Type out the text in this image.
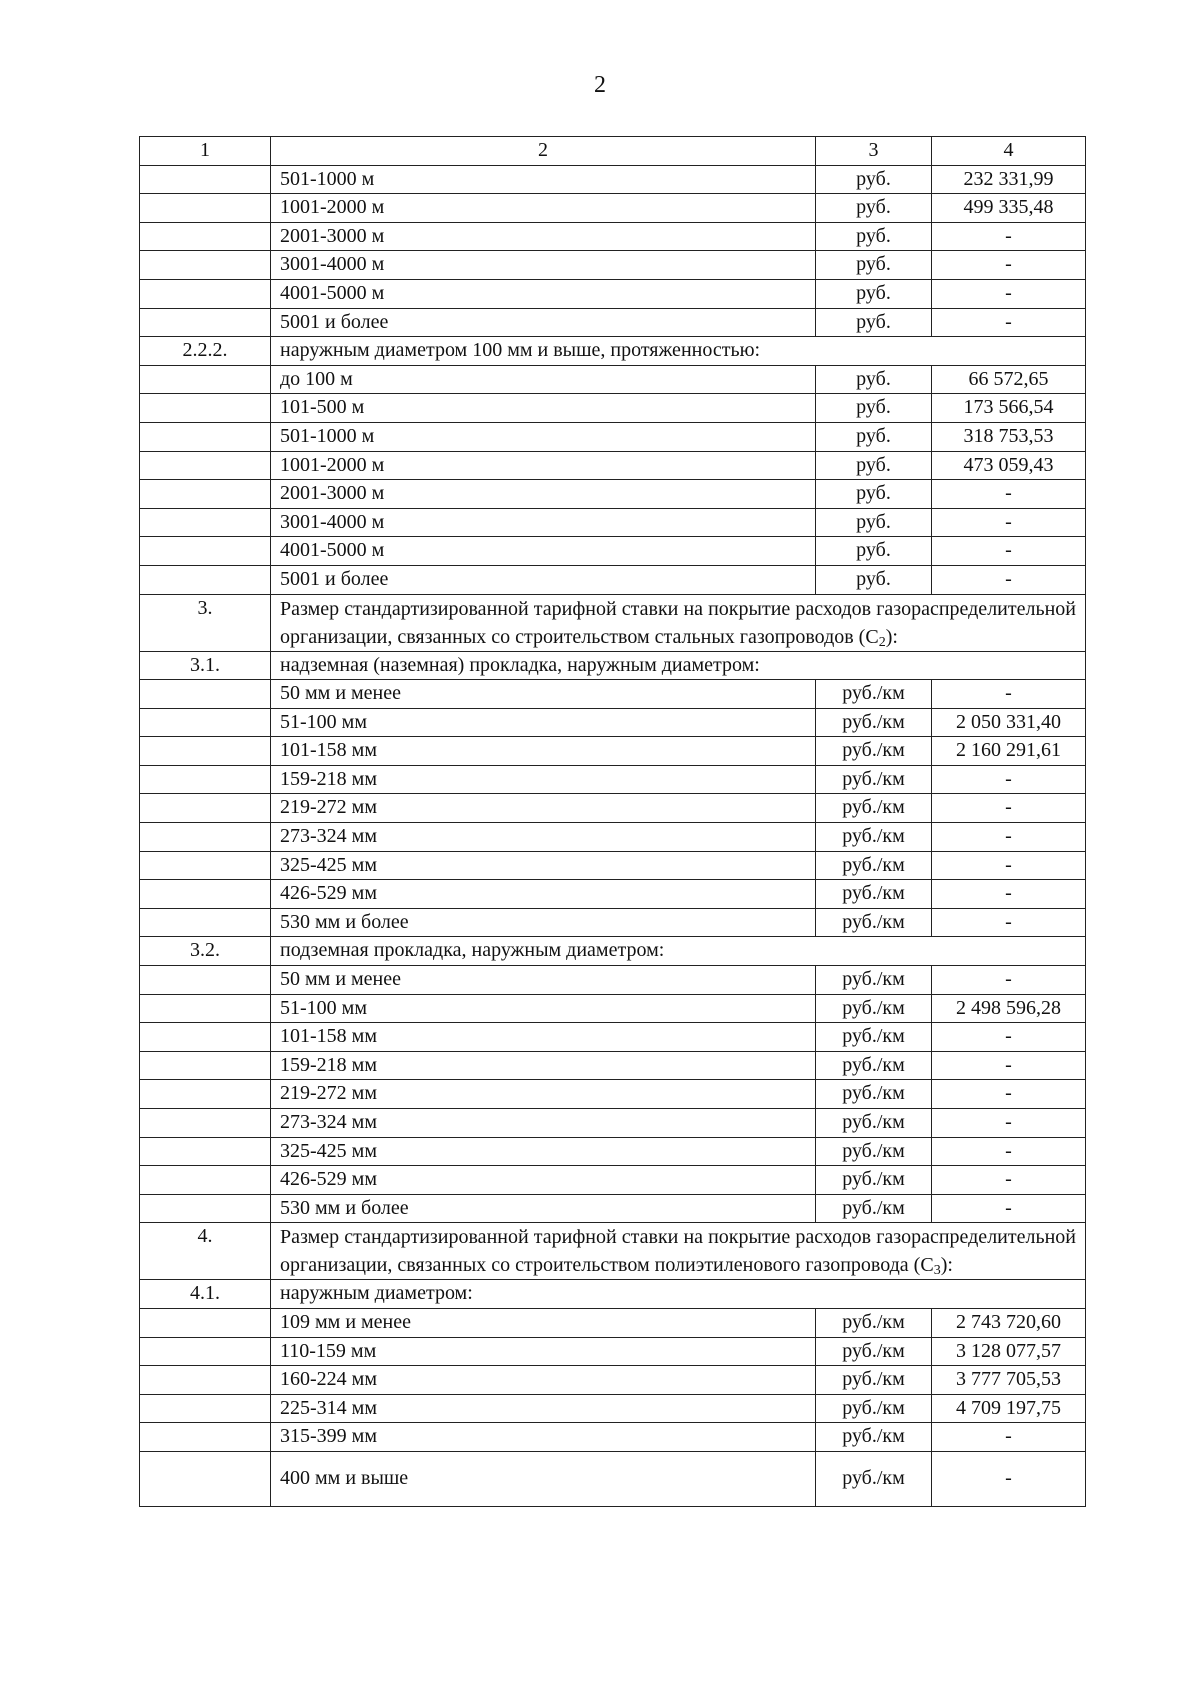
2
1	2	3	4
	501-1000 м	руб.	232 331,99
	1001-2000 м	руб.	499 335,48
	2001-3000 м	руб.	-
	3001-4000 м	руб.	-
	4001-5000 м	руб.	-
	5001 и более	руб.	-
2.2.2.	наружным диаметром 100 мм и выше, протяженностью:		
	до 100 м	руб.	66 572,65
	101-500 м	руб.	173 566,54
	501-1000 м	руб.	318 753,53
	1001-2000 м	руб.	473 059,43
	2001-3000 м	руб.	-
	3001-4000 м	руб.	-
	4001-5000 м	руб.	-
	5001 и более	руб.	-
3.	Размер стандартизированной тарифной ставки на покрытие расходов газораспределительной организации, связанных со строительством стальных газопроводов $(С_2)$:		
3.1.	надземная (наземная) прокладка, наружным диаметром:		
	50 мм и менее	руб./км	-
	51-100 мм	руб./км	2 050 331,40
	101-158 мм	руб./км	2 160 291,61
	159-218 мм	руб./км	-
	219-272 мм	руб./км	-
	273-324 мм	руб./км	-
	325-425 мм	руб./км	-
	426-529 мм	руб./км	-
	530 мм и более	руб./км	-
3.2.	подземная прокладка, наружным диаметром:		
	50 мм и менее	руб./км	-
	51-100 мм	руб./км	2 498 596,28
	101-158 мм	руб./км	-
	159-218 мм	руб./км	-
	219-272 мм	руб./км	-
	273-324 мм	руб./км	-
	325-425 мм	руб./км	-
	426-529 мм	руб./км	-
	530 мм и более	руб./км	-
4.	Размер стандартизированной тарифной ставки на покрытие расходов газораспределительной организации, связанных со строительством полиэтиленового газопровода $(С_3)$:		
4.1.	наружным диаметром:		
	109 мм и менее	руб./км	2 743 720,60
	110-159 мм	руб./км	3 128 077,57
	160-224 мм	руб./км	3 777 705,53
	225-314 мм	руб./км	4 709 197,75
	315-399 мм	руб./км	-
	400 мм и выше	руб./км	-
